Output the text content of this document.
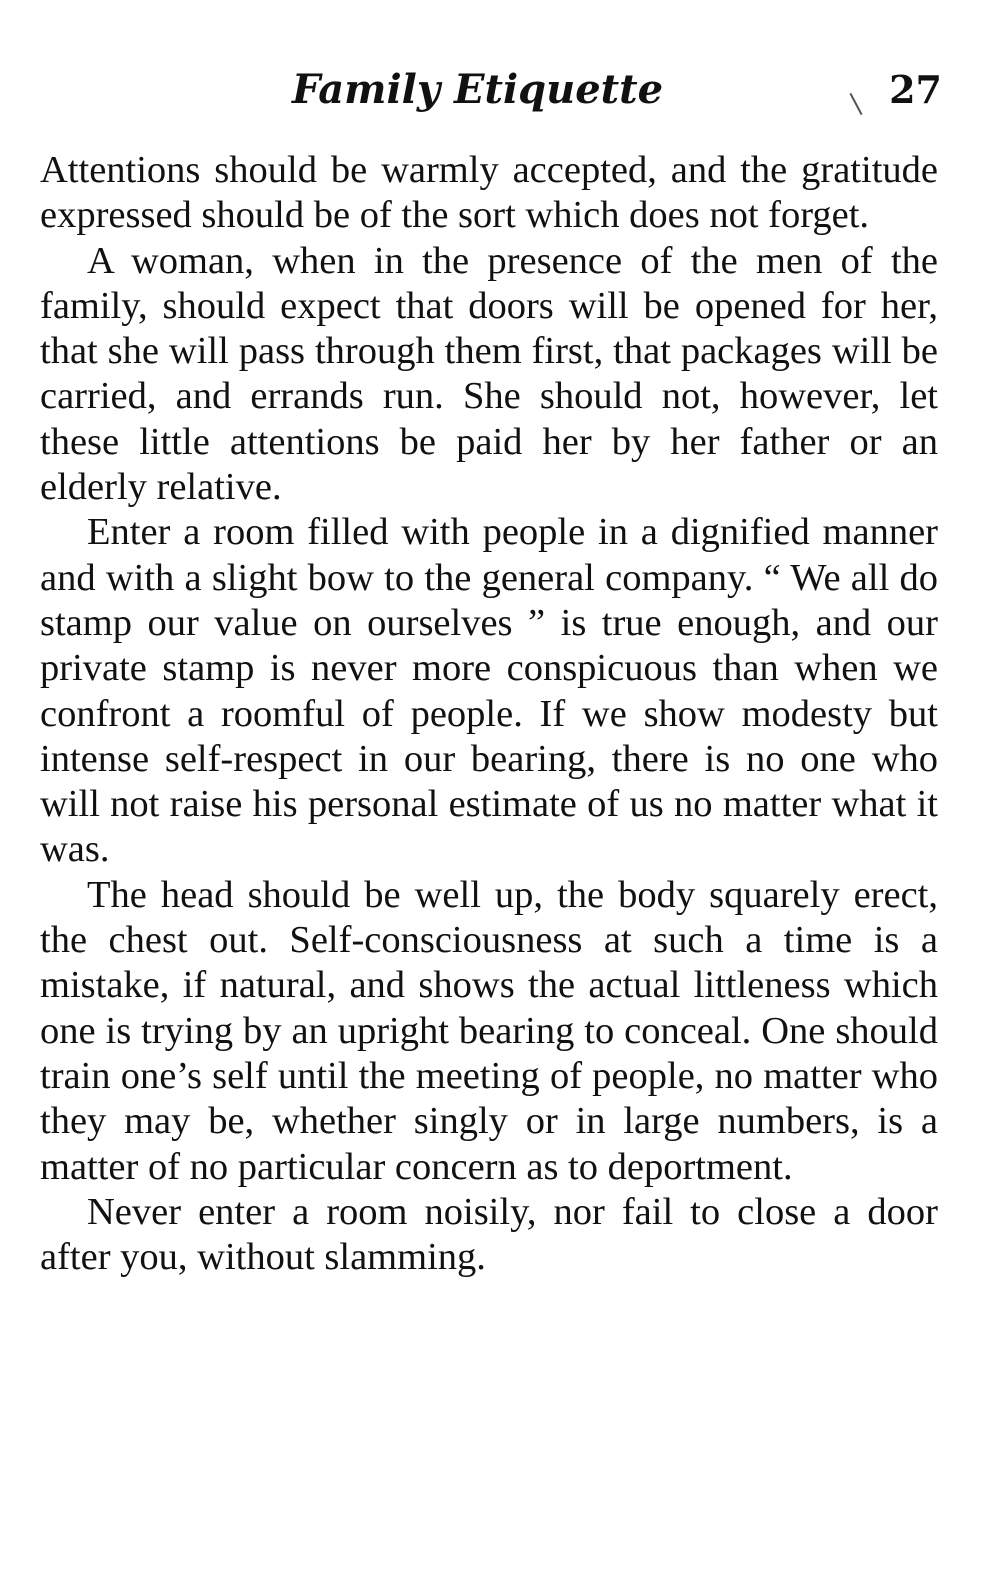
Family Etiquette	27

Attentions should be warmly accepted, and the gratitude expressed should be of the sort which does not forget.

A woman, when in the presence of the men of the family, should expect that doors will be opened for her, that she will pass through them first, that packages will be carried, and errands run. She should not, however, let these little attentions be paid her by her father or an elderly relative.

Enter a room filled with people in a dignified manner and with a slight bow to the general company. “ We all do stamp our value on ourselves ” is true enough, and our private stamp is never more conspicuous than when we confront a roomful of people. If we show modesty but intense self-respect in our bearing, there is no one who will not raise his personal estimate of us no matter what it was.

The head should be well up, the body squarely erect, the chest out. Self-consciousness at such a time is a mistake, if natural, and shows the actual littleness which one is trying by an upright bearing to conceal. One should train one’s self until the meeting of people, no matter who they may be, whether singly or in large numbers, is a matter of no particular concern as to deportment.

Never enter a room noisily, nor fail to close a door after you, without slamming.
